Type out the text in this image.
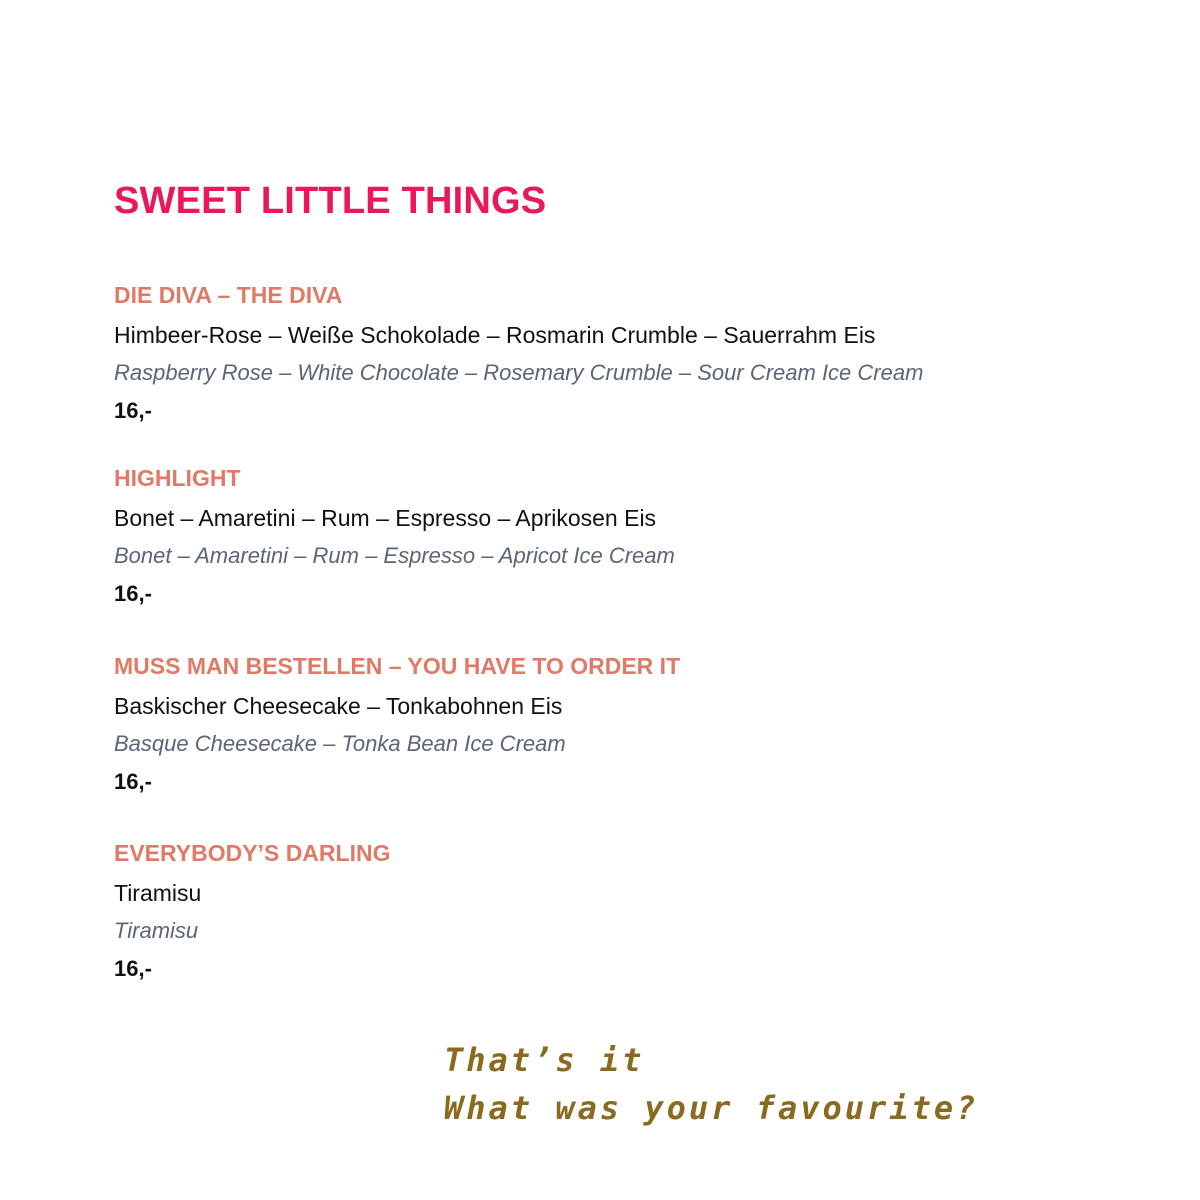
SWEET LITTLE THINGS
DIE DIVA – THE DIVA
Himbeer-Rose – Weiße Schokolade – Rosmarin Crumble – Sauerrahm Eis
Raspberry Rose – White Chocolate – Rosemary Crumble – Sour Cream Ice Cream
16,-
HIGHLIGHT
Bonet – Amaretini – Rum – Espresso – Aprikosen Eis
Bonet – Amaretini – Rum – Espresso – Apricot Ice Cream
16,-
MUSS MAN BESTELLEN – YOU HAVE TO ORDER IT
Baskischer Cheesecake – Tonkabohnen Eis
Basque Cheesecake – Tonka Bean Ice Cream
16,-
EVERYBODY’S DARLING
Tiramisu
Tiramisu
16,-
That’s it
What was your favourite?
